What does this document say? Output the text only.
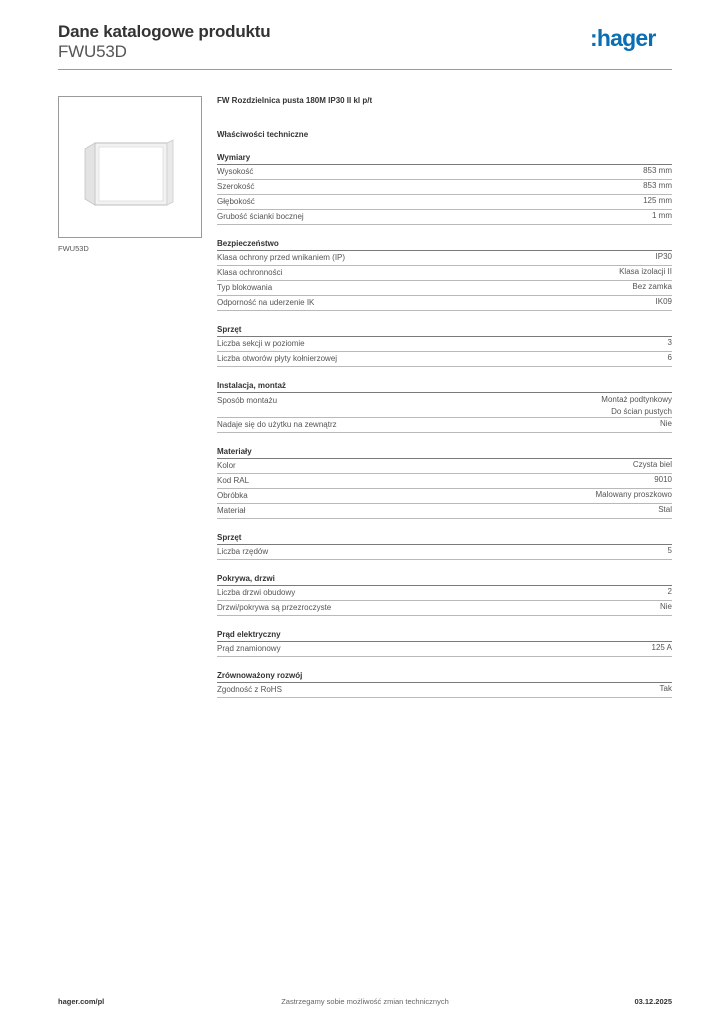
Dane katalogowe produktu
FWU53D
:hager
FWU53D
FW Rozdzielnica pusta 180M IP30 II kl p/t
Właściwości techniczne
Wymiary
Wysokość	853 mm
Szerokość	853 mm
Głębokość	125 mm
Grubość ścianki bocznej	1 mm
Bezpieczeństwo
Klasa ochrony przed wnikaniem (IP)	IP30
Klasa ochronności	Klasa izolacji II
Typ blokowania	Bez zamka
Odporność na uderzenie IK	IK09
Sprzęt
Liczba sekcji w poziomie	3
Liczba otworów płyty kołnierzowej	6
Instalacja, montaż
Sposób montażu	Montaż podtynkowy
Do ścian pustych
Nadaje się do użytku na zewnątrz	Nie
Materiały
Kolor	Czysta biel
Kod RAL	9010
Obróbka	Malowany proszkowo
Materiał	Stal
Sprzęt
Liczba rzędów	5
Pokrywa, drzwi
Liczba drzwi obudowy	2
Drzwi/pokrywa są przezroczyste	Nie
Prąd elektryczny
Prąd znamionowy	125 A
Zrównoważony rozwój
Zgodność z RoHS	Tak
hager.com/pl	Zastrzegamy sobie możliwość zmian technicznych	03.12.2025
